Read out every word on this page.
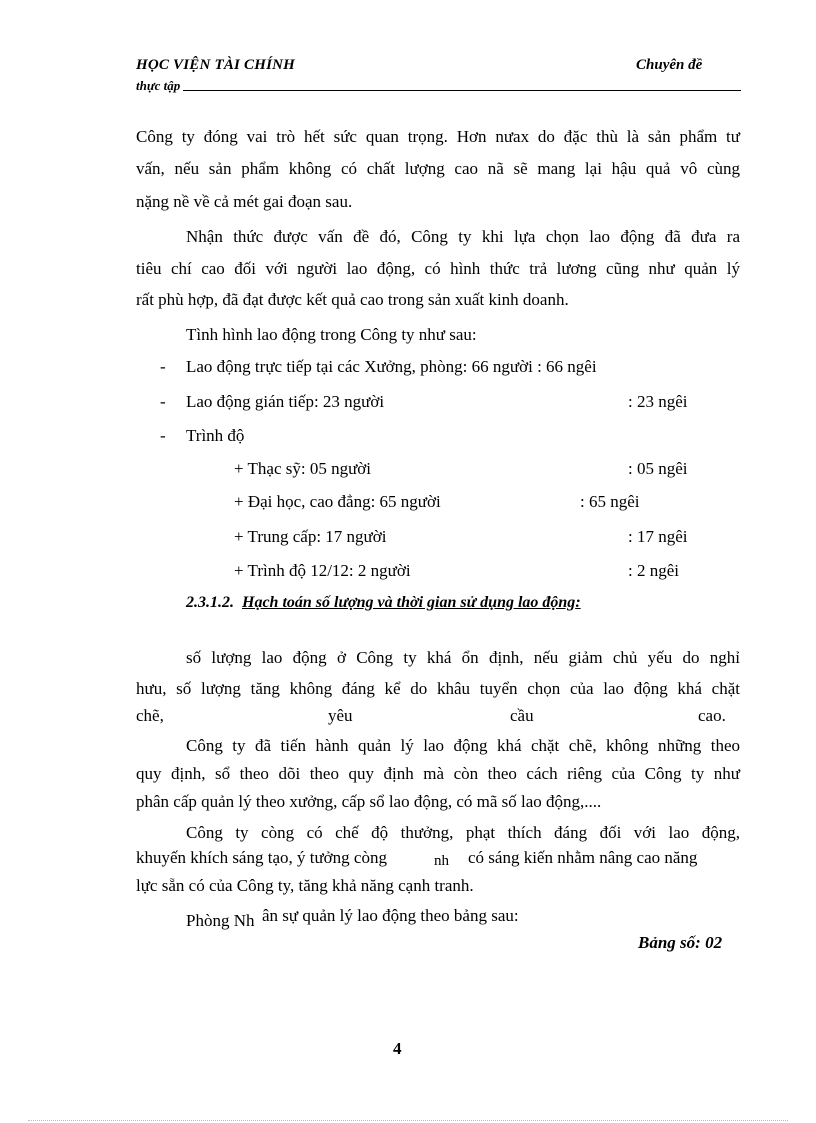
HỌC VIỆN TÀI CHÍNH	Chuyên đề
thực tập
Công ty đóng vai trò hết sức quan trọng. Hơn nưax do đặc thù là sản phẩm tư
vấn, nếu sản phẩm không có chất lượng cao nã sẽ mang lại hậu quả vô cùng
nặng nề về cả mét gai đoạn sau.
Nhận thức được vấn đề đó, Công ty khi lựa chọn lao động đã đưa ra
tiêu chí cao đối với người lao động, có hình thức trả lương cũng như quản lý
rất phù hợp, đã đạt được kết quả cao trong sản xuất kinh doanh.
Tình hình lao động trong Công ty như sau:
- Lao động trực tiếp tại các Xưởng, phòng: 66 người : 66 ngêi
- Lao động gián tiếp: 23 người	: 23 ngêi
- Trình độ
+ Thạc sỹ: 05 người	: 05 ngêi
+ Đại học, cao đẳng: 65 người	: 65 ngêi
+ Trung cấp: 17 người	: 17 ngêi
+ Trình độ 12/12: 2 người	: 2 ngêi
2.3.1.2. Hạch toán số lượng và thời gian sử dụng lao động:
số lượng lao động ở Công ty khá ổn định, nếu giảm chủ yếu do nghỉ
hưu, số lượng tăng không đáng kể do khâu tuyển chọn của lao động khá chặt
chẽ,	yêu	cầu	cao.
Công ty đã tiến hành quản lý lao động khá chặt chẽ, không những theo
quy định, sổ theo dõi theo quy định mà còn theo cách riêng của Công ty như
phân cấp quản lý theo xưởng, cấp sổ lao động, có mã số lao động,....
Công ty còng có chế độ thưởng, phạt thích đáng đối với lao động,
khuyến khích sáng tạo, ý tưởng còng	nh có sáng kiến nhằm nâng cao năng
lực sẵn có của Công ty, tăng khả năng cạnh tranh.
Phòng Nh ân sự quản lý lao động theo bảng sau:
Bảng số: 02
4
